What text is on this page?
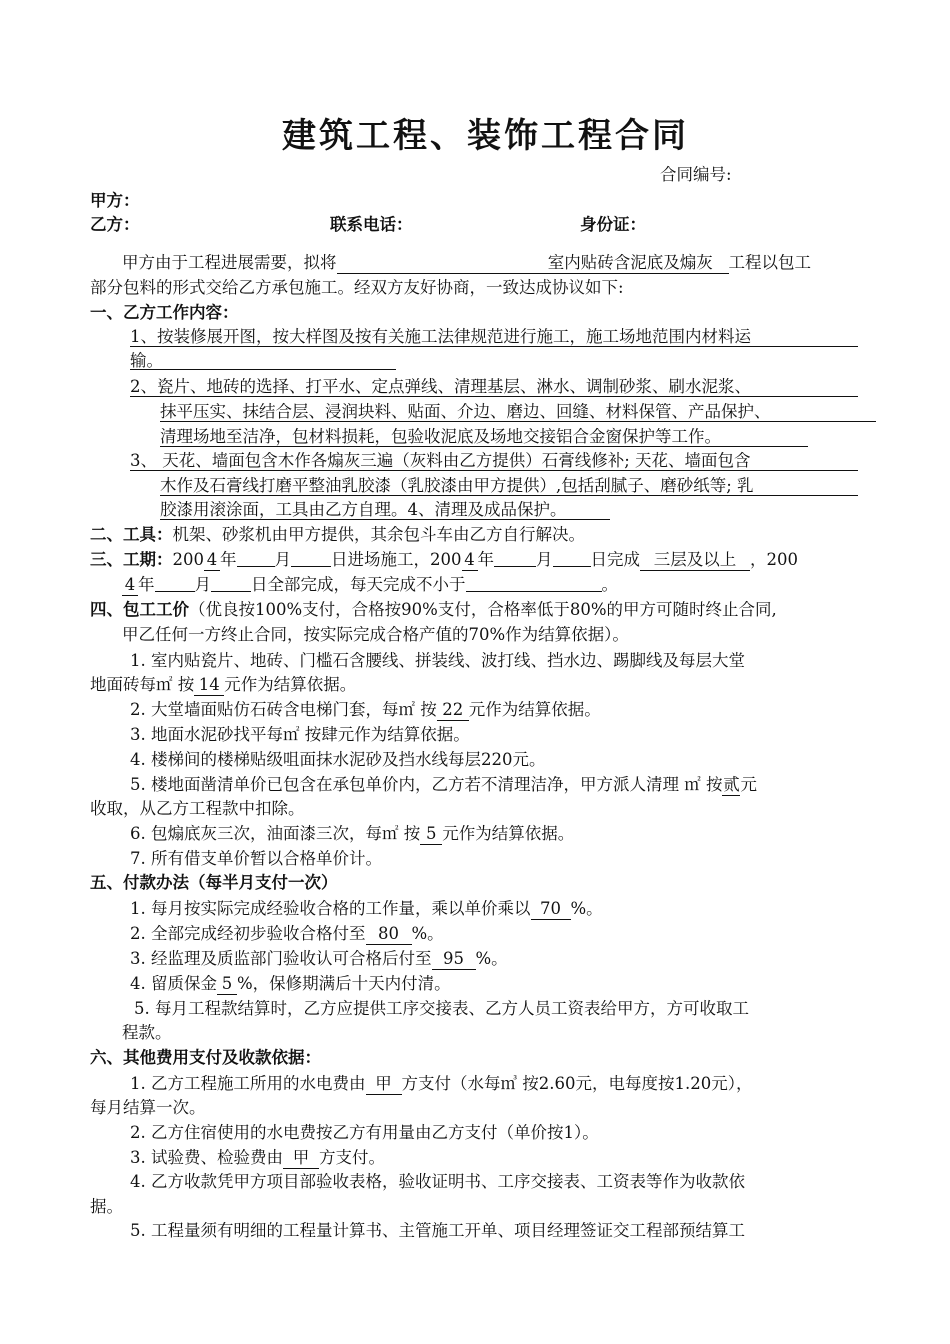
建筑工程、装饰工程合同
合同编号:
甲方：
乙方：	联系电话：	身份证：
甲方由于工程进展需要，拟将	室内贴砖含泥底及煽灰 工程以包工
部分包料的形式交给乙方承包施工。经双方友好协商，一致达成协议如下:
一、乙方工作内容：
1、按装修展开图，按大样图及按有关施工法律规范进行施工，施工场地范围内材料运
输。
2、瓷片、地砖的选择、打平水、定点弹线、清理基层、淋水、调制砂浆、刷水泥浆、
抹平压实、抹结合层、浸润块料、贴面、介边、磨边、回缝、材料保管、产品保护、
清理场地至洁净，包材料损耗，包验收泥底及场地交接铝合金窗保护等工作。
3、 天花、墙面包含木作各煽灰三遍（灰料由乙方提供）石膏线修补; 天花、墙面包含
木作及石膏线打磨平整油乳胶漆（乳胶漆由甲方提供）,包括刮腻子、磨砂纸等; 乳
胶漆用滚涂面，工具由乙方自理。4、清理及成品保护。
二、工具：机架、砂浆机由甲方提供，其余包斗车由乙方自行解决。
三、工期：200 4 年 月 日进场施工，200 4 年	月 日完成 三层及以上 ，200
4 年 月 日全部完成，每天完成不小于	。
四、包工工价（优良按100%支付，合格按90%支付，合格率低于80%的甲方可随时终止合同,
甲乙任何一方终止合同，按实际完成合格产值的70%作为结算依据）。
1. 室内贴瓷片、地砖、门槛石含腰线、拼装线、波打线、挡水边、踢脚线及每层大堂
地面砖每㎡ 按 14 元作为结算依据。
2. 大堂墙面贴仿石砖含电梯门套，每㎡ 按 22 元作为结算依据。
3. 地面水泥砂找平每㎡ 按肆元作为结算依据。
4. 楼梯间的楼梯贴级咀面抹水泥砂及挡水线每层220元。
5. 楼地面凿清单价已包含在承包单价内，乙方若不清理洁净，甲方派人清理 ㎡ 按贰元
收取，从乙方工程款中扣除。
6. 包煽底灰三次，油面漆三次，每㎡ 按 5 元作为结算依据。
7. 所有借支单价暂以合格单价计。
五、付款办法（每半月支付一次）
1. 每月按实际完成经验收合格的工作量，乘以单价乘以 70 %。
2. 全部完成经初步验收合格付至 80 %。
3. 经监理及质监部门验收认可合格后付至 95 %。
4. 留质保金 5 %，保修期满后十天内付清。
5. 每月工程款结算时，乙方应提供工序交接表、乙方人员工资表给甲方，方可收取工
程款。
六、其他费用支付及收款依据：
1. 乙方工程施工所用的水电费由 甲 方支付（水每㎥ 按2.60元，电每度按1.20元），
每月结算一次。
2. 乙方住宿使用的水电费按乙方有用量由乙方支付（单价按1）。
3. 试验费、检验费由 甲 方支付。
4. 乙方收款凭甲方项目部验收表格，验收证明书、工序交接表、工资表等作为收款依
据。
5. 工程量须有明细的工程量计算书、主管施工开单、项目经理签证交工程部预结算工
